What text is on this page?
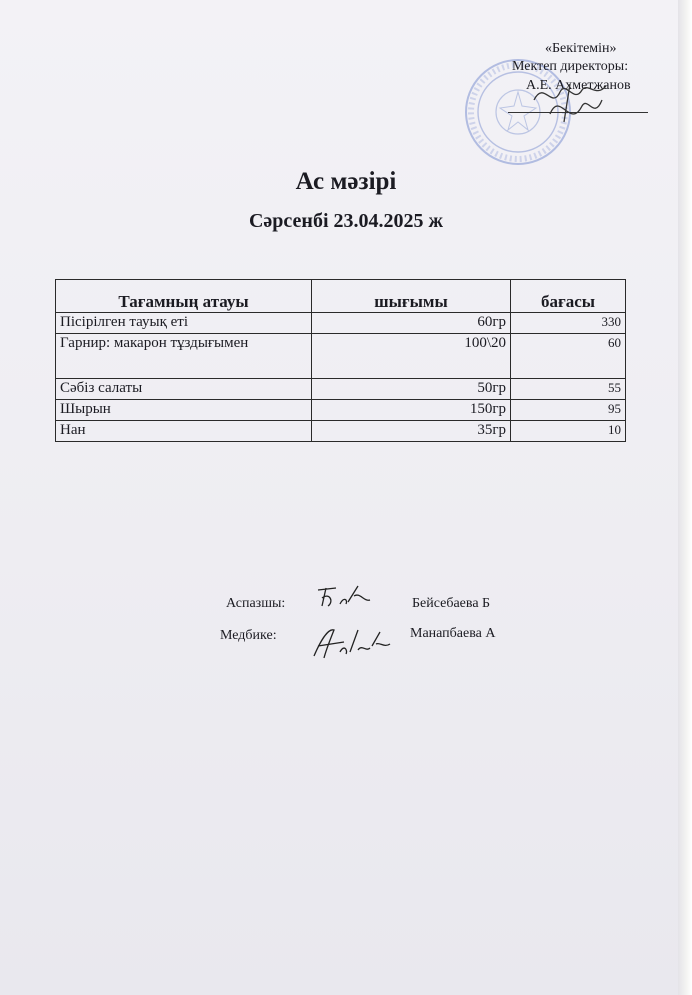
«Бекітемін»
Мектеп директоры:
А.Е. Ахметжанов
Ас мәзірі
Сәрсенбі 23.04.2025 ж
Тағамның атауы	шығымы	бағасы
Пісірілген тауық еті	60гр	330
Гарнир: макарон тұздығымен	100\20	60
Сәбіз салаты	50гр	55
Шырын	150гр	95
Нан	35гр	10
Аспазшы:	Бейсебаева Б
Медбике:	Манапбаева А
